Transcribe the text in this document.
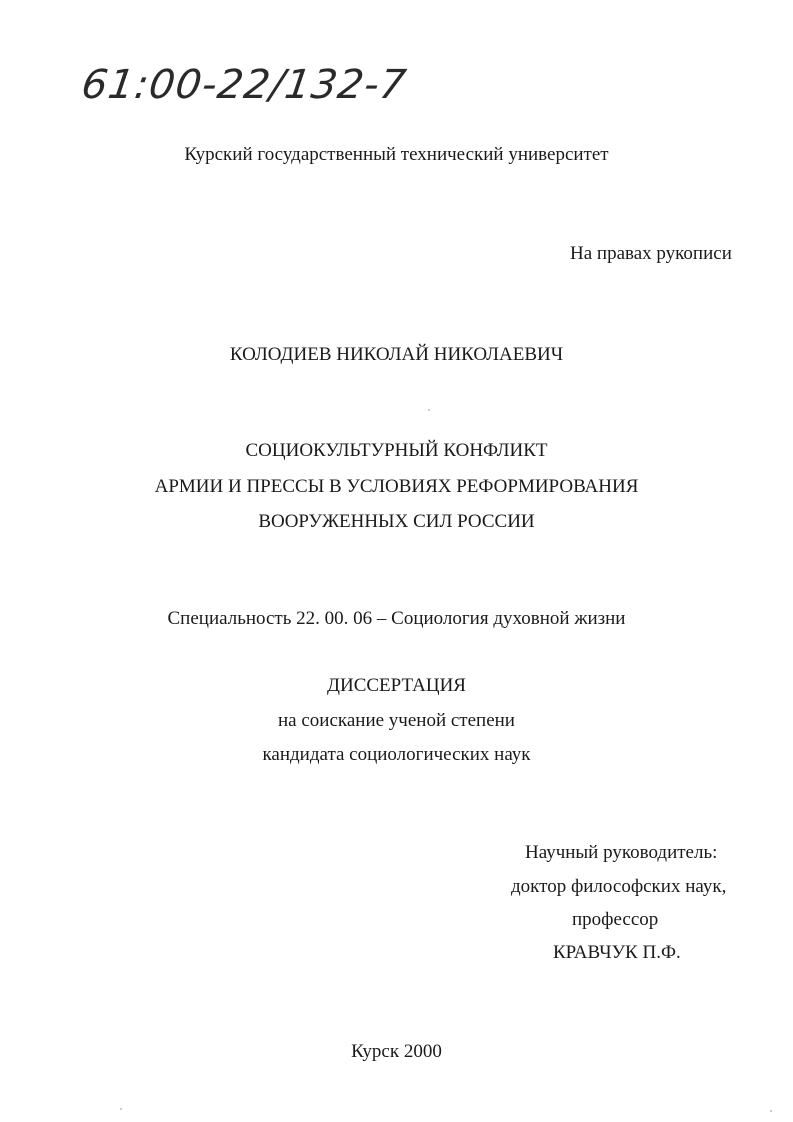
61:00-22/132-7
Курский государственный технический университет
На правах рукописи
КОЛОДИЕВ НИКОЛАЙ НИКОЛАЕВИЧ
СОЦИОКУЛЬТУРНЫЙ КОНФЛИКТ
АРМИИ И ПРЕССЫ В УСЛОВИЯХ РЕФОРМИРОВАНИЯ
ВООРУЖЕННЫХ СИЛ РОССИИ
Специальность 22. 00. 06 – Социология духовной жизни
ДИССЕРТАЦИЯ
на соискание ученой степени
кандидата социологических наук
Научный руководитель:
доктор философских наук,
профессор
КРАВЧУК П.Ф.
Курск 2000
